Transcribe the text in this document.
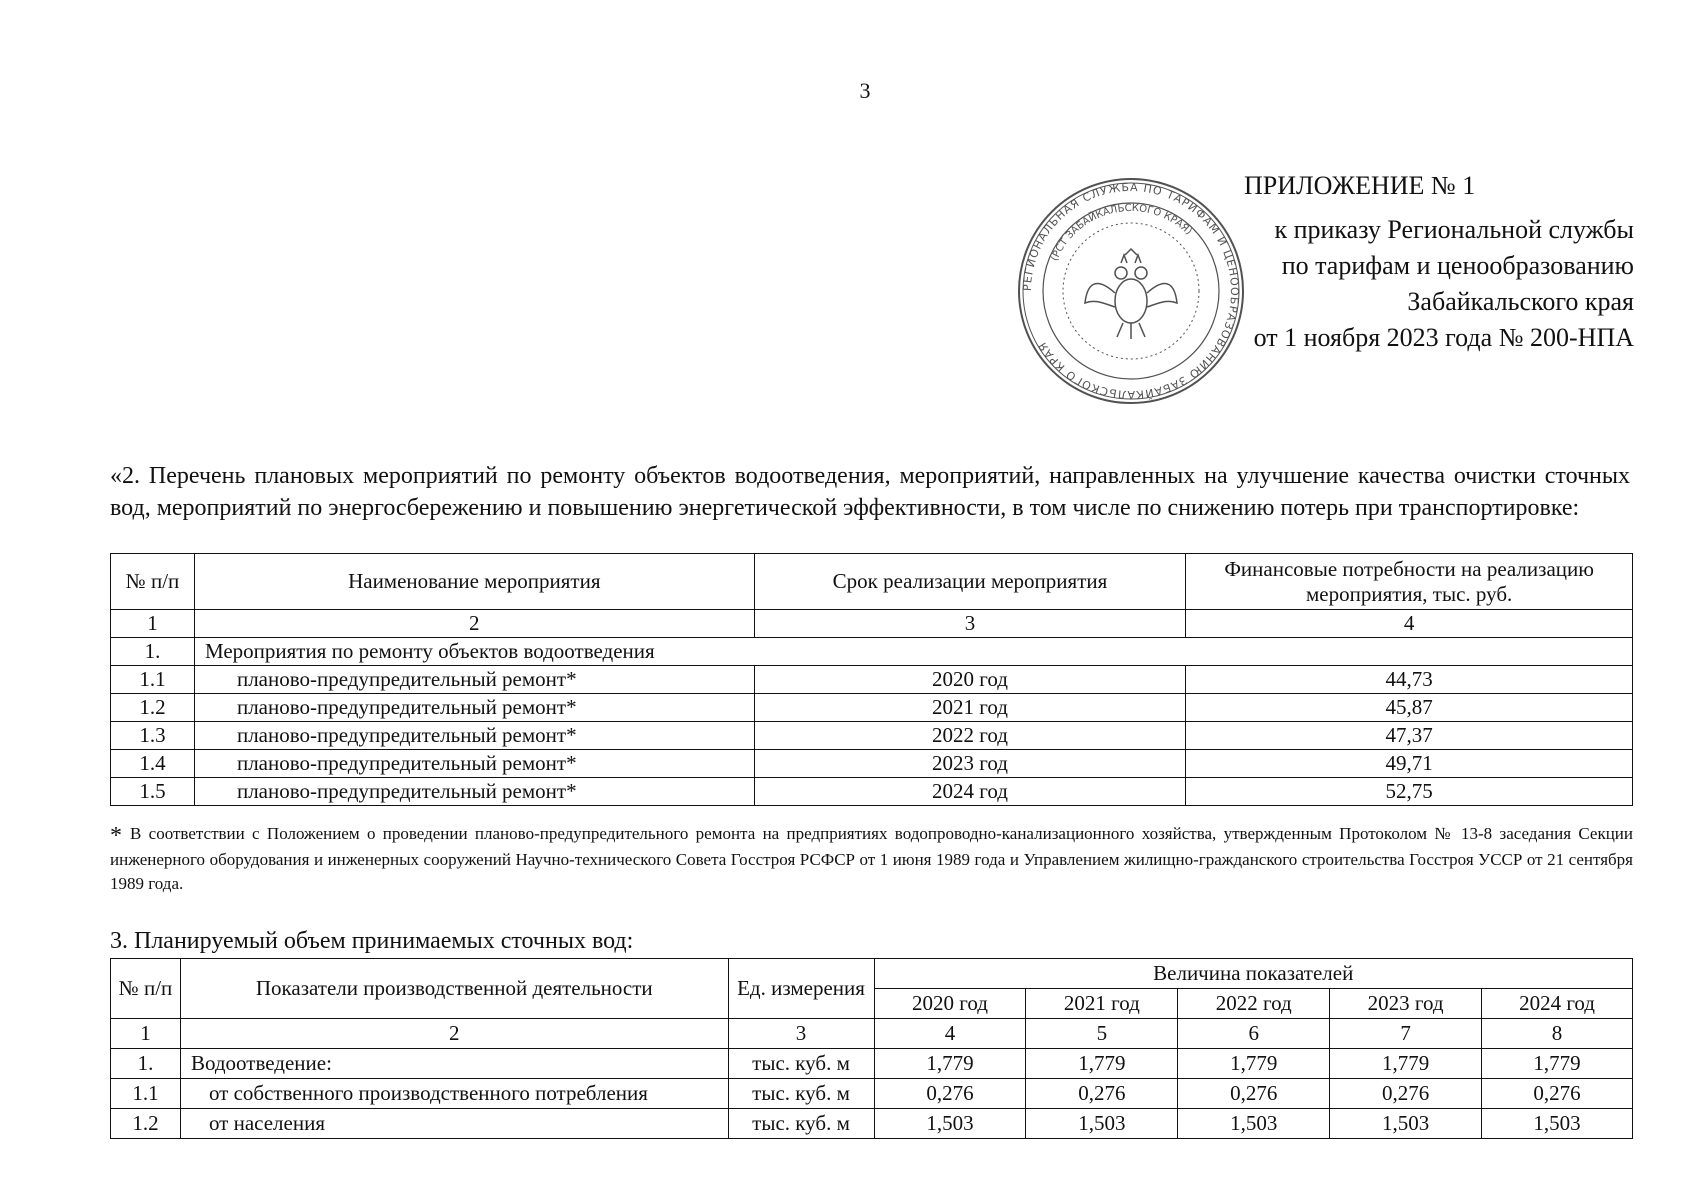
3
РЕГИОНАЛЬНАЯ СЛУЖБА ПО ТАРИФАМ И ЦЕНООБРАЗОВАНИЮ ЗАБАЙКАЛЬСКОГО КРАЯ
(РСТ ЗАБАЙКАЛЬСКОГО КРАЯ)
ПРИЛОЖЕНИЕ № 1
к приказу Региональной службы
по тарифам и ценообразованию
Забайкальского края
от 1 ноября 2023 года № 200-НПА
«2. Перечень плановых мероприятий по ремонту объектов водоотведения, мероприятий, направленных на улучшение качества очистки сточных вод, мероприятий по энергосбережению и повышению энергетической эффективности, в том числе по снижению потерь при транспортировке:
№ п/п	Наименование мероприятия	Срок реализации мероприятия	Финансовые потребности на реализацию мероприятия, тыс. руб.
1	2	3	4
1.	Мероприятия по ремонту объектов водоотведения		
1.1	планово-предупредительный ремонт*	2020 год	44,73
1.2	планово-предупредительный ремонт*	2021 год	45,87
1.3	планово-предупредительный ремонт*	2022 год	47,37
1.4	планово-предупредительный ремонт*	2023 год	49,71
1.5	планово-предупредительный ремонт*	2024 год	52,75
* В соответствии с Положением о проведении планово-предупредительного ремонта на предприятиях водопроводно-канализационного хозяйства, утвержденным Протоколом № 13-8 заседания Секции инженерного оборудования и инженерных сооружений Научно-технического Совета Госстроя РСФСР от 1 июня 1989 года и Управлением жилищно-гражданского строительства Госстроя УССР от 21 сентября 1989 года.
3. Планируемый объем принимаемых сточных вод:
№ п/п	Показатели производственной деятельности	Ед. измерения	Величина показателей				
			2020 год	2021 год	2022 год	2023 год	2024 год
1	2	3	4	5	6	7	8
1.	Водоотведение:	тыс. куб. м	1,779	1,779	1,779	1,779	1,779
1.1	от собственного производственного потребления	тыс. куб. м	0,276	0,276	0,276	0,276	0,276
1.2	от населения	тыс. куб. м	1,503	1,503	1,503	1,503	1,503
